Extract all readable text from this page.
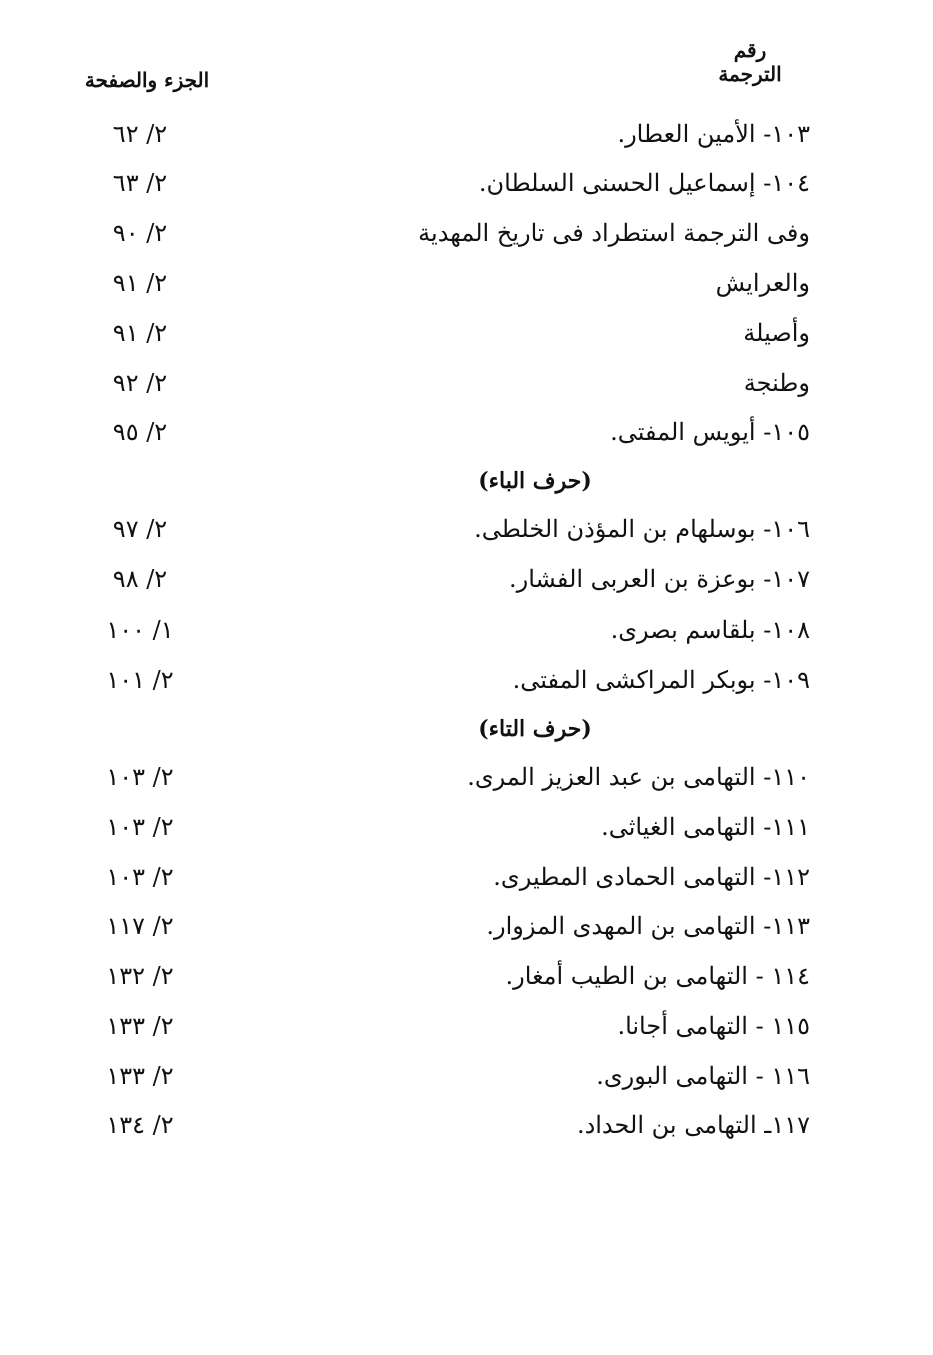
رقم
الترجمة
الجزء والصفحة
١٠٣- الأمين العطار.
٢/ ٦٢
١٠٤- إسماعيل الحسنى السلطان.
٢/ ٦٣
وفى الترجمة استطراد فى تاريخ المهدية
٢/ ٩٠
والعرايش
٢/ ٩١
وأصيلة
٢/ ٩١
وطنجة
٢/ ٩٢
١٠٥- أيويس المفتى.
٢/ ٩٥
(حرف الباء)
١٠٦- بوسلهام بن المؤذن الخلطى.
٢/ ٩٧
١٠٧- بوعزة بن العربى الفشار.
٢/ ٩٨
١٠٨- بلقاسم بصرى.
١/ ١٠٠
١٠٩- بوبكر المراكشى المفتى.
٢/ ١٠١
(حرف التاء)
١١٠- التهامى بن عبد العزيز المرى.
٢/ ١٠٣
١١١- التهامى الغياثى.
٢/ ١٠٣
١١٢- التهامى الحمادى المطيرى.
٢/ ١٠٣
١١٣- التهامى بن المهدى المزوار.
٢/ ١١٧
١١٤ - التهامى بن الطيب أمغار.
٢/ ١٣٢
١١٥ - التهامى أجانا.
٢/ ١٣٣
١١٦ - التهامى البورى.
٢/ ١٣٣
١١٧ـ التهامى بن الحداد.
٢/ ١٣٤
